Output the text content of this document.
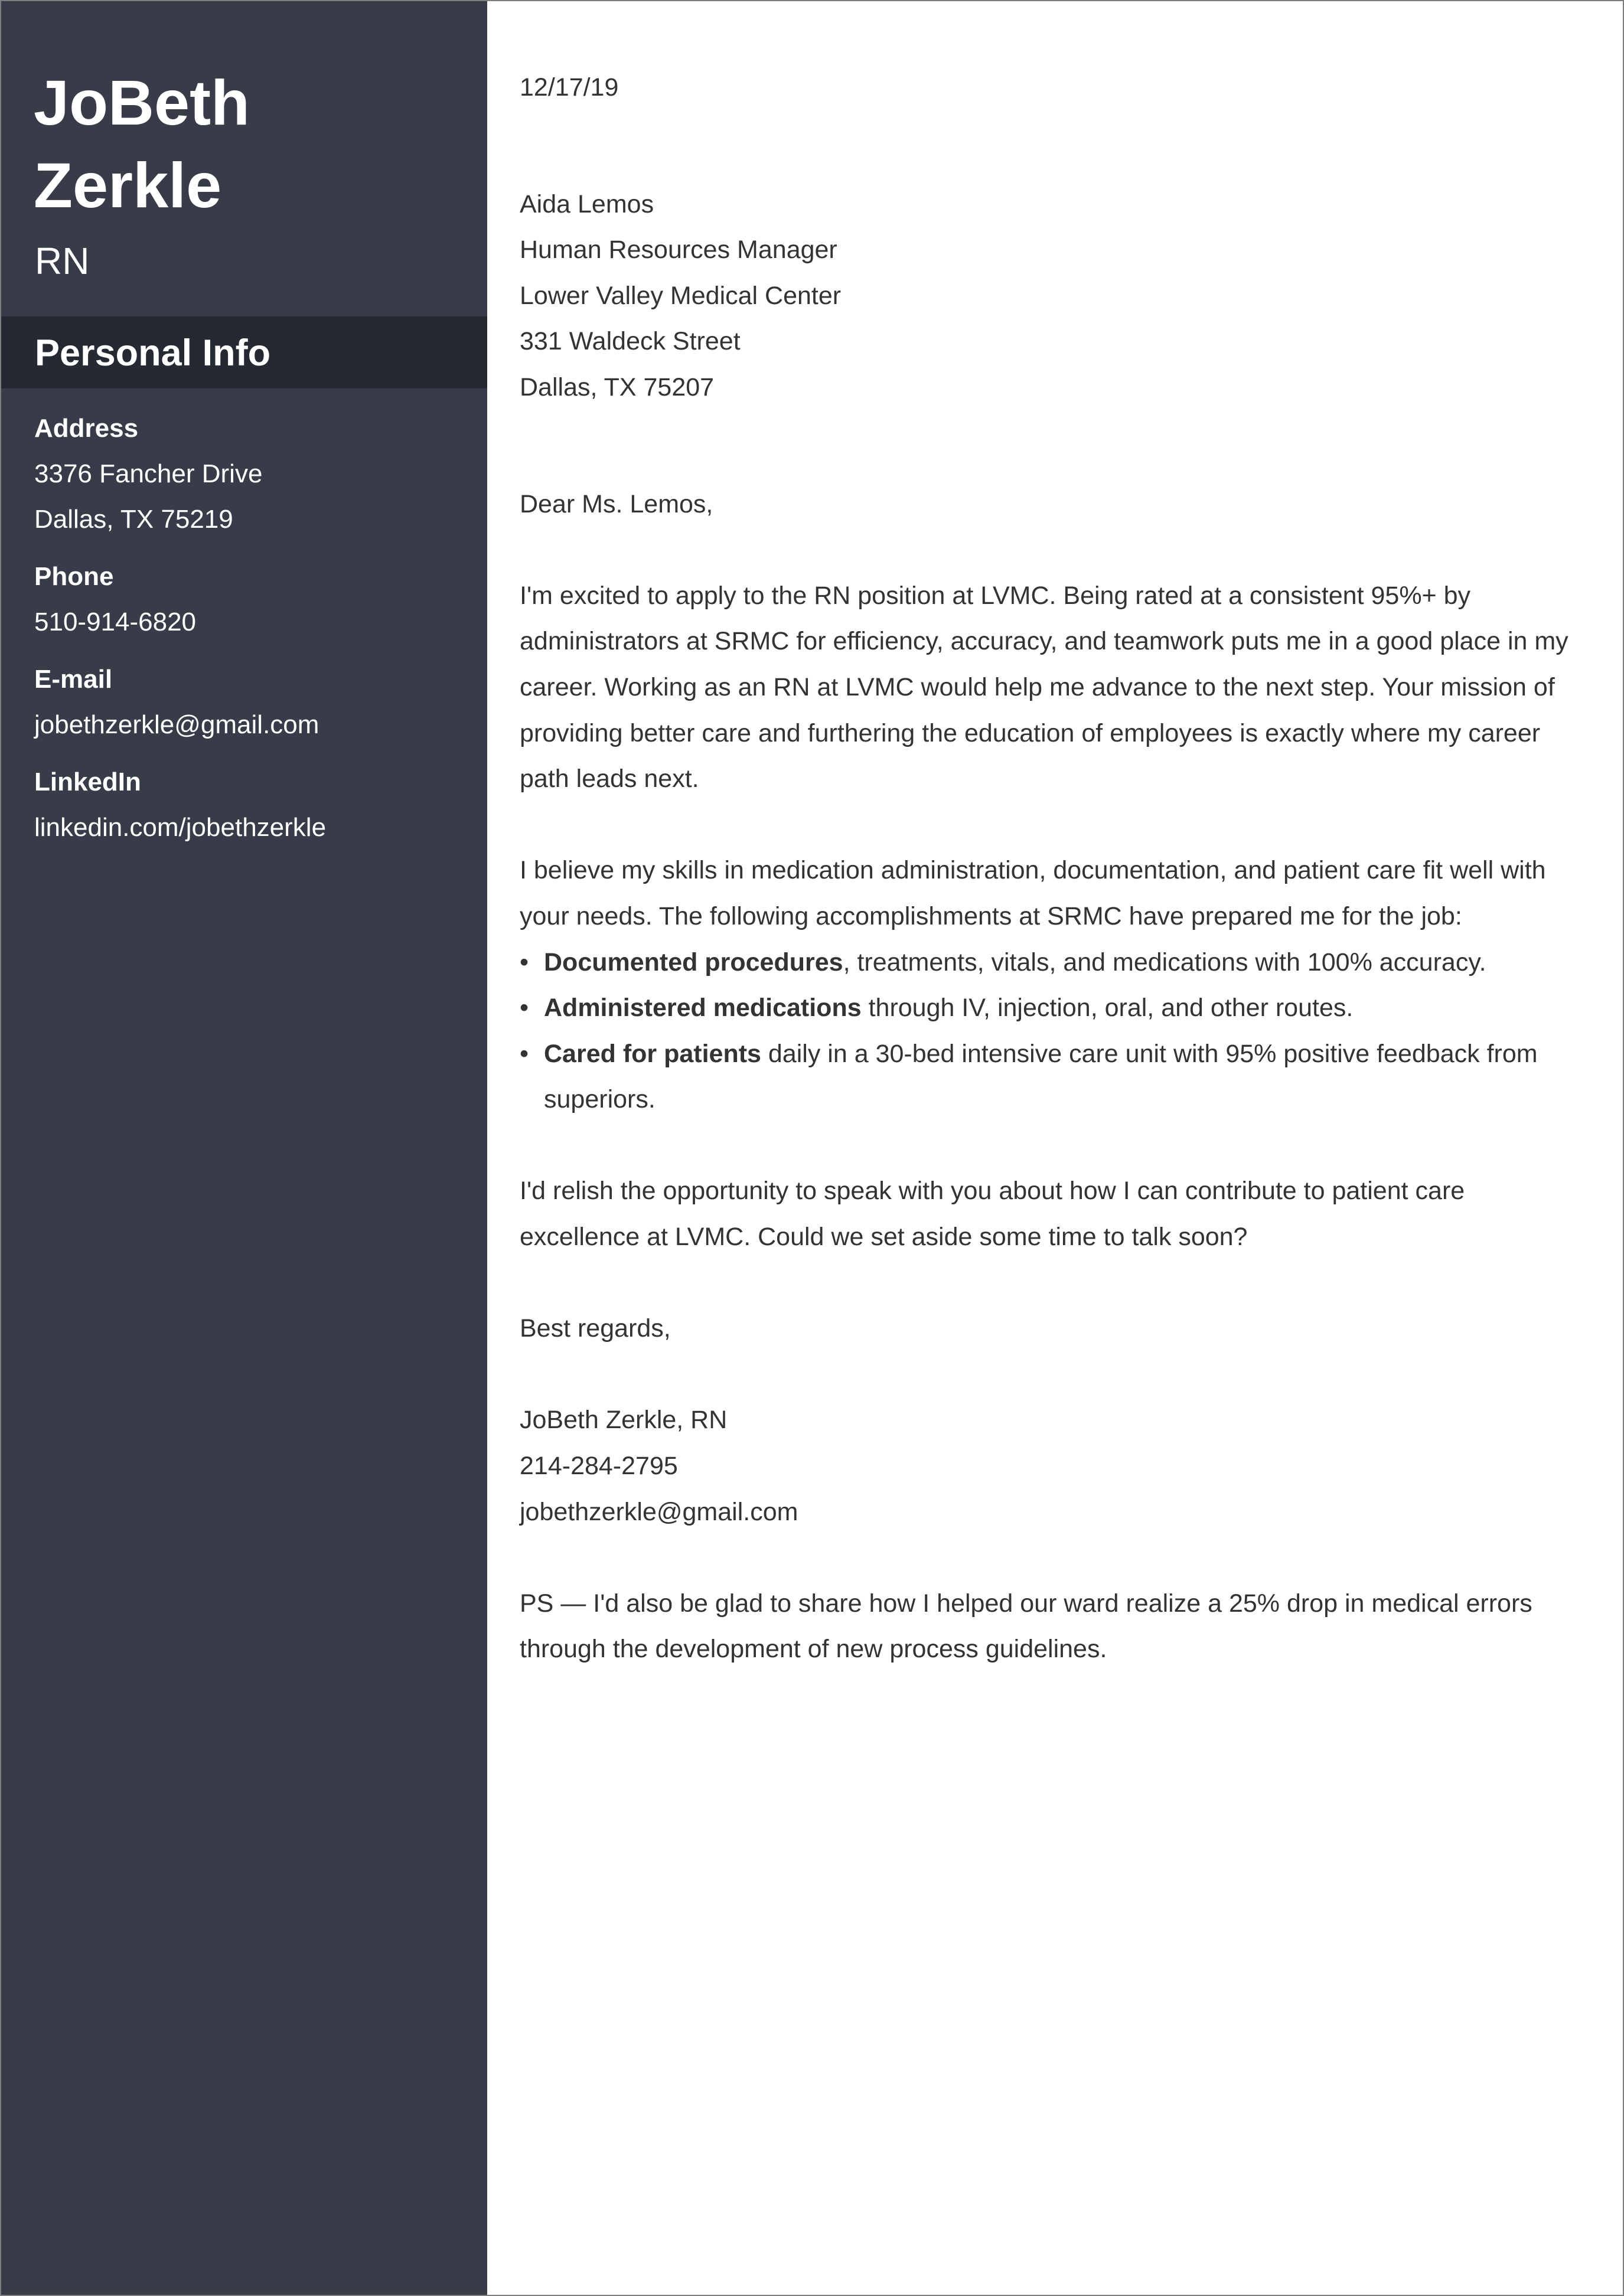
JoBeth
Zerkle
RN
Personal Info
Address
3376 Fancher Drive
Dallas, TX 75219
Phone
510-914-6820
E-mail
jobethzerkle@gmail.com
LinkedIn
linkedin.com/jobethzerkle

12/17/19

Aida Lemos

Human Resources Manager

Lower Valley Medical Center

331 Waldeck Street

Dallas, TX 75207

Dear Ms. Lemos,

I'm excited to apply to the RN position at LVMC. Being rated at a consistent 95%+ by administrators at SRMC for efficiency, accuracy, and teamwork puts me in a good place in my career. Working as an RN at LVMC would help me advance to the next step. Your mission of providing better care and furthering the education of employees is exactly where my career path leads next.

I believe my skills in medication administration, documentation, and patient care fit well with your needs. The following accomplishments at SRMC have prepared me for the job:

• Documented procedures, treatments, vitals, and medications with 100% accuracy.
• Administered medications through IV, injection, oral, and other routes.
• Cared for patients daily in a 30-bed intensive care unit with 95% positive feedback from superiors.

I'd relish the opportunity to speak with you about how I can contribute to patient care excellence at LVMC. Could we set aside some time to talk soon?

Best regards,

JoBeth Zerkle, RN

214-284-2795

jobethzerkle@gmail.com

PS — I'd also be glad to share how I helped our ward realize a 25% drop in medical errors through the development of new process guidelines.
